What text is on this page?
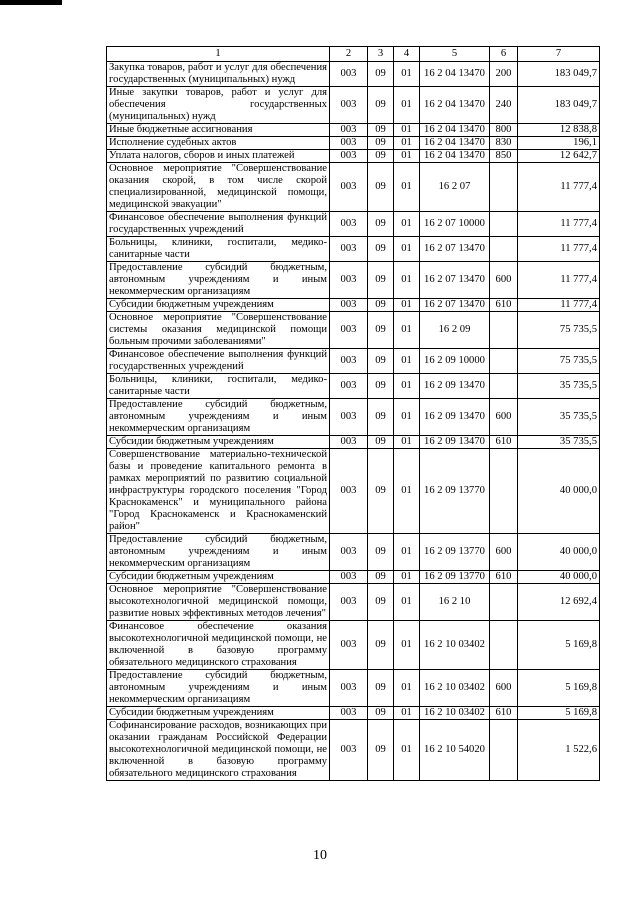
1	2	3	4	5	6	7
Закупка товаров, работ и услуг для обеспечения государственных (муниципальных) нужд	003	09	01	16 2 04 13470	200	183 049,7
Иные закупки товаров, работ и услуг для обеспечения государственных (муниципальных) нужд	003	09	01	16 2 04 13470	240	183 049,7
Иные бюджетные ассигнования	003	09	01	16 2 04 13470	800	12 838,8
Исполнение судебных актов	003	09	01	16 2 04 13470	830	196,1
Уплата налогов, сборов и иных платежей	003	09	01	16 2 04 13470	850	12 642,7
Основное мероприятие "Совершенствование оказания скорой, в том числе скорой специализированной, медицинской помощи, медицинской эвакуации"	003	09	01	16 2 07		11 777,4
Финансовое обеспечение выполнения функций государственных учреждений	003	09	01	16 2 07 10000		11 777,4
Больницы, клиники, госпитали, медико-санитарные части	003	09	01	16 2 07 13470		11 777,4
Предоставление субсидий бюджетным, автономным учреждениям и иным некоммерческим организациям	003	09	01	16 2 07 13470	600	11 777,4
Субсидии бюджетным учреждениям	003	09	01	16 2 07 13470	610	11 777,4
Основное мероприятие "Совершенствование системы оказания медицинской помощи больным прочими заболеваниями"	003	09	01	16 2 09		75 735,5
Финансовое обеспечение выполнения функций государственных учреждений	003	09	01	16 2 09 10000		75 735,5
Больницы, клиники, госпитали, медико-санитарные части	003	09	01	16 2 09 13470		35 735,5
Предоставление субсидий бюджетным, автономным учреждениям и иным некоммерческим организациям	003	09	01	16 2 09 13470	600	35 735,5
Субсидии бюджетным учреждениям	003	09	01	16 2 09 13470	610	35 735,5
Совершенствование материально-технической базы и проведение капитального ремонта в рамках мероприятий по развитию социальной инфраструктуры городского поселения "Город Краснокаменск" и муниципального района "Город Краснокаменск и Краснокаменский район"	003	09	01	16 2 09 13770		40 000,0
Предоставление субсидий бюджетным, автономным учреждениям и иным некоммерческим организациям	003	09	01	16 2 09 13770	600	40 000,0
Субсидии бюджетным учреждениям	003	09	01	16 2 09 13770	610	40 000,0
Основное мероприятие "Совершенствование высокотехнологичной медицинской помощи, развитие новых эффективных методов лечения"	003	09	01	16 2 10		12 692,4
Финансовое обеспечение оказания высокотехнологичной медицинской помощи, не включенной в базовую программу обязательного медицинского страхования	003	09	01	16 2 10 03402		5 169,8
Предоставление субсидий бюджетным, автономным учреждениям и иным некоммерческим организациям	003	09	01	16 2 10 03402	600	5 169,8
Субсидии бюджетным учреждениям	003	09	01	16 2 10 03402	610	5 169,8
Софинансирование расходов, возникающих при оказании гражданам Российской Федерации высокотехнологичной медицинской помощи, не включенной в базовую программу обязательного медицинского страхования	003	09	01	16 2 10 54020		1 522,6
10
